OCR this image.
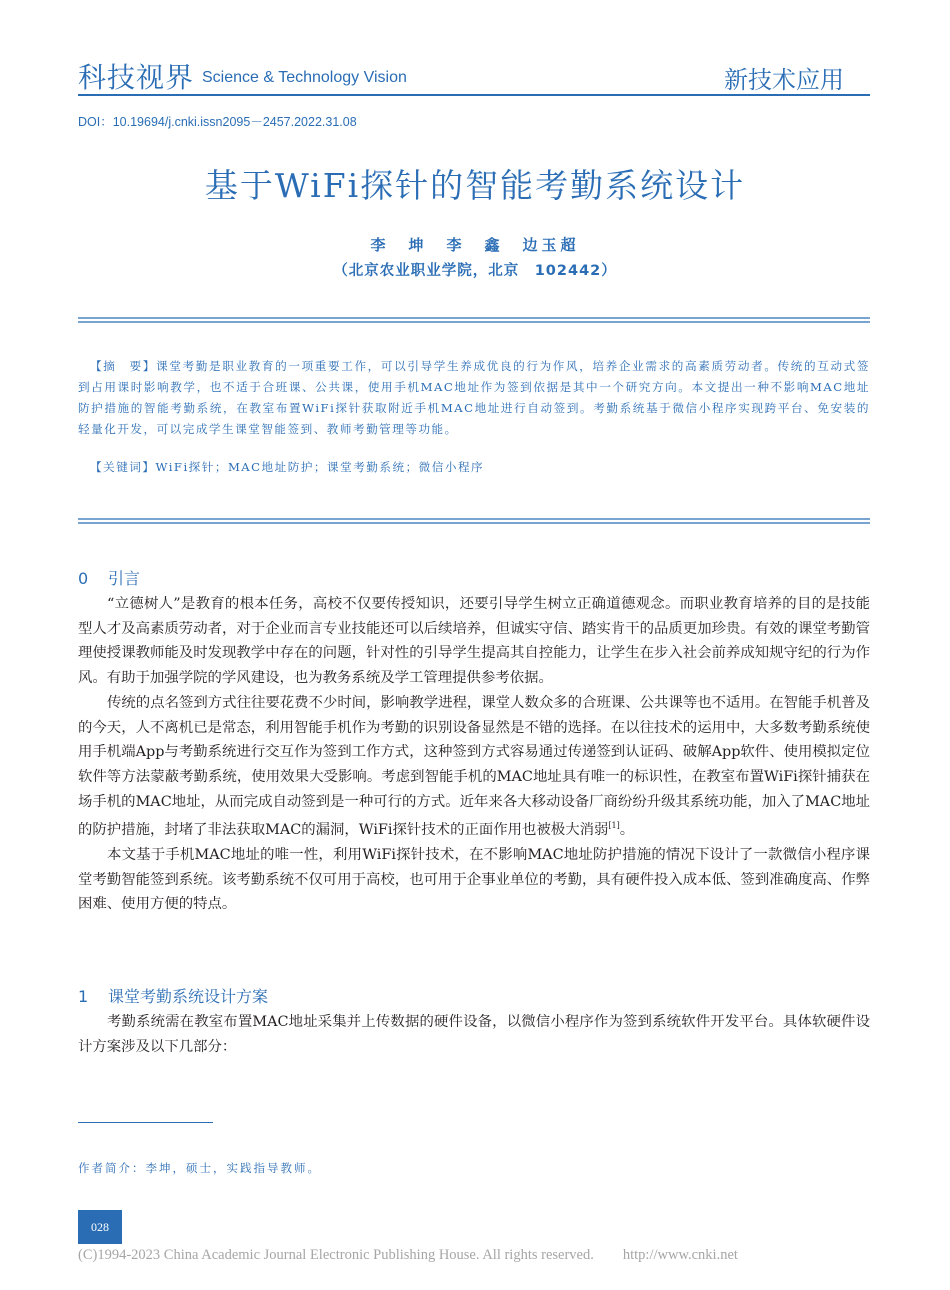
科技视界 Science & Technology Vision	新技术应用
DOI：10.19694/j.cnki.issn2095－2457.2022.31.08
基于WiFi探针的智能考勤系统设计
李　坤　李　鑫　边玉超
（北京农业职业学院，北京　102442）

【摘　要】课堂考勤是职业教育的一项重要工作，可以引导学生养成优良的行为作风，培养企业需求的高素质劳动者。传统的互动式签到占用课时影响教学，也不适于合班课、公共课，使用手机MAC地址作为签到依据是其中一个研究方向。本文提出一种不影响MAC地址防护措施的智能考勤系统，在教室布置WiFi探针获取附近手机MAC地址进行自动签到。考勤系统基于微信小程序实现跨平台、免安装的轻量化开发，可以完成学生课堂智能签到、教师考勤管理等功能。

【关键词】WiFi探针；MAC地址防护；课堂考勤系统；微信小程序
0 引言

“立德树人”是教育的根本任务，高校不仅要传授知识，还要引导学生树立正确道德观念。而职业教育培养的目的是技能型人才及高素质劳动者，对于企业而言专业技能还可以后续培养，但诚实守信、踏实肯干的品质更加珍贵。有效的课堂考勤管理使授课教师能及时发现教学中存在的问题，针对性的引导学生提高其自控能力，让学生在步入社会前养成知规守纪的行为作风。有助于加强学院的学风建设，也为教务系统及学工管理提供参考依据。

传统的点名签到方式往往要花费不少时间，影响教学进程，课堂人数众多的合班课、公共课等也不适用。在智能手机普及的今天，人不离机已是常态，利用智能手机作为考勤的识别设备显然是不错的选择。在以往技术的运用中，大多数考勤系统使用手机端App与考勤系统进行交互作为签到工作方式，这种签到方式容易通过传递签到认证码、破解App软件、使用模拟定位软件等方法蒙蔽考勤系统，使用效果大受影响。考虑到智能手机的MAC地址具有唯一的标识性，在教室布置WiFi探针捕获在场手机的MAC地址，从而完成自动签到是一种可行的方式。近年来各大移动设备厂商纷纷升级其系统功能，加入了MAC地址的防护措施，封堵了非法获取MAC的漏洞，WiFi探针技术的正面作用也被极大消弱[1]。

本文基于手机MAC地址的唯一性，利用WiFi探针技术，在不影响MAC地址防护措施的情况下设计了一款微信小程序课堂考勤智能签到系统。该考勤系统不仅可用于高校，也可用于企事业单位的考勤，具有硬件投入成本低、签到准确度高、作弊困难、使用方便的特点。

1 课堂考勤系统设计方案

考勤系统需在教室布置MAC地址采集并上传数据的硬件设备，以微信小程序作为签到系统软件开发平台。具体软硬件设计方案涉及以下几部分：

作者简介：李坤，硕士，实践指导教师。
028
(C)1994-2023 China Academic Journal Electronic Publishing House. All rights reserved.　　http://www.cnki.net
